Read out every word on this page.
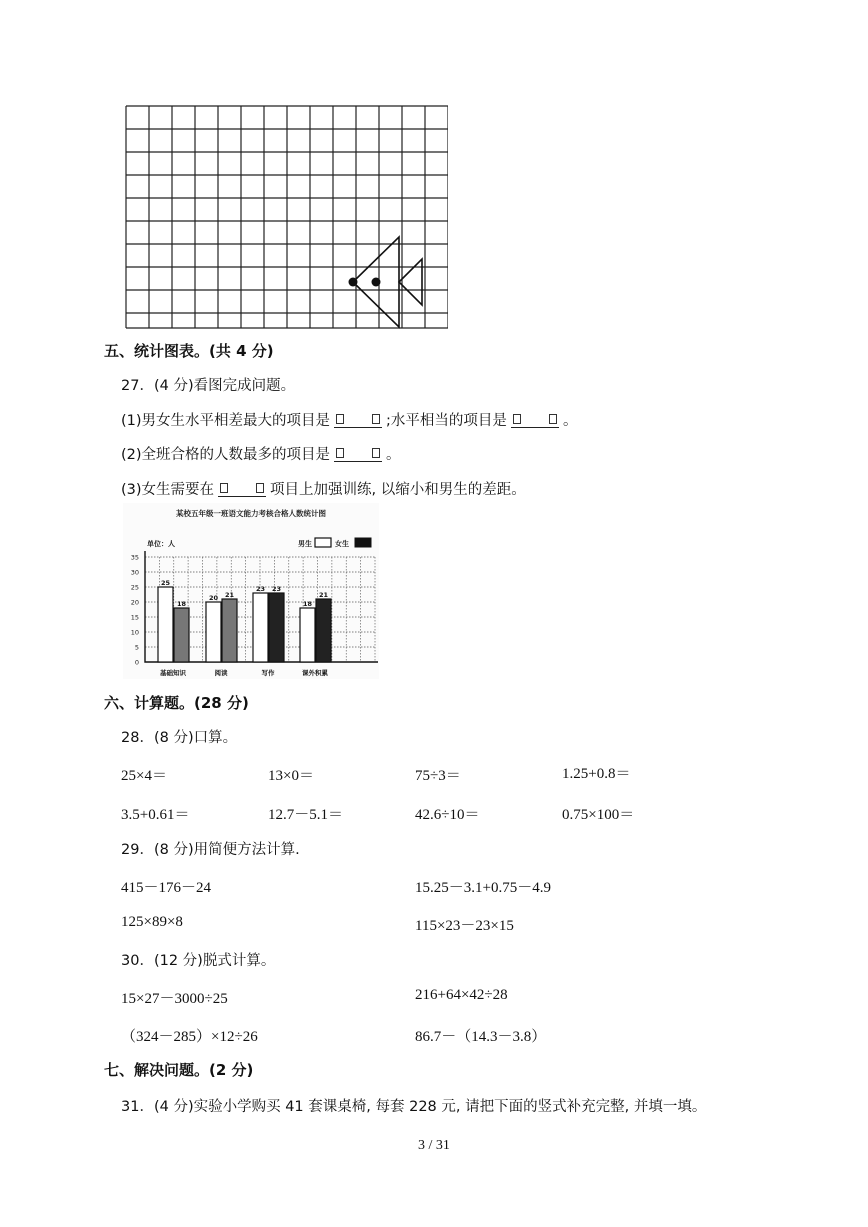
五、统计图表。(共 4 分)
27．(4 分)看图完成问题。
(1)男女生水平相差最大的项目是	;水平相当的项目是	。
(2)全班合格的人数最多的项目是	。
(3)女生需要在	项目上加强训练, 以缩小和男生的差距。
某校五年级一班语文能力考核合格人数统计图
单位：人	男生	女生
0
5
10
15
20
25
30
35
25
18
基础知识
20 21
阅读
23 23
写作
18
21
课外积累
六、计算题。(28 分)
28．(8 分)口算。
25×4＝	13×0＝	75÷3＝	1.25+0.8＝
3.5+0.61＝	12.7－5.1＝	42.6÷10＝	0.75×100＝
29．(8 分)用简便方法计算.
415－176－24	15.25－3.1+0.75－4.9
125×89×8	115×23－23×15
30．(12 分)脱式计算。
15×27－3000÷25	216+64×42÷28
（324－285）×12÷26	86.7－（14.3－3.8）
七、解决问题。(2 分)
31．(4 分)实验小学购买 41 套课桌椅, 每套 228 元, 请把下面的竖式补充完整, 并填一填。
3 / 31
